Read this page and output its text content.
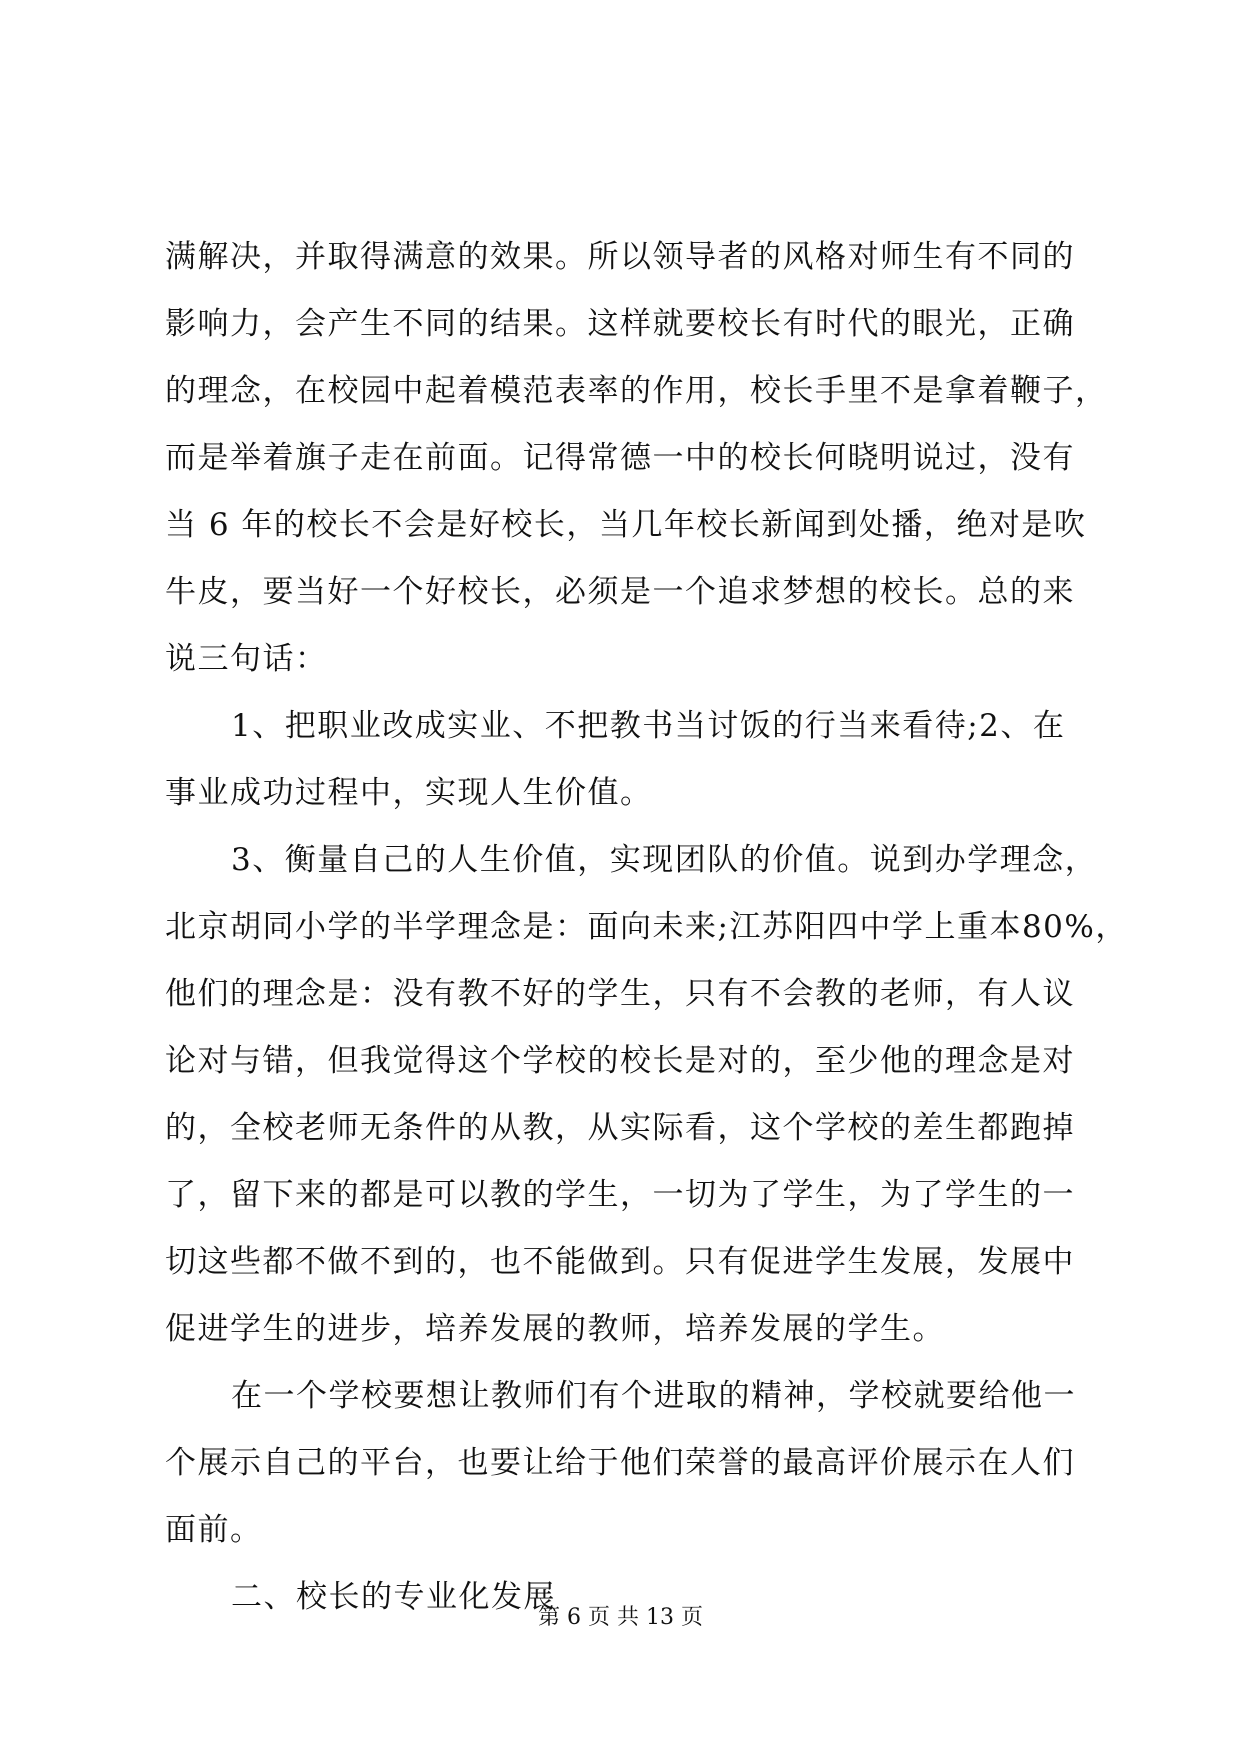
满解决，并取得满意的效果。所以领导者的风格对师生有不同的
影响力，会产生不同的结果。这样就要校长有时代的眼光，正确
的理念，在校园中起着模范表率的作用，校长手里不是拿着鞭子，
而是举着旗子走在前面。记得常德一中的校长何晓明说过，没有
当 6 年的校长不会是好校长，当几年校长新闻到处播，绝对是吹
牛皮，要当好一个好校长，必须是一个追求梦想的校长。总的来
说三句话：
1、把职业改成实业、不把教书当讨饭的行当来看待;2、在
事业成功过程中，实现人生价值。
3、衡量自己的人生价值，实现团队的价值。说到办学理念，
北京胡同小学的半学理念是：面向未来;江苏阳四中学上重本80%，
他们的理念是：没有教不好的学生，只有不会教的老师，有人议
论对与错，但我觉得这个学校的校长是对的，至少他的理念是对
的，全校老师无条件的从教，从实际看，这个学校的差生都跑掉
了，留下来的都是可以教的学生，一切为了学生，为了学生的一
切这些都不做不到的，也不能做到。只有促进学生发展，发展中
促进学生的进步，培养发展的教师，培养发展的学生。
在一个学校要想让教师们有个进取的精神，学校就要给他一
个展示自己的平台，也要让给于他们荣誉的最高评价展示在人们
面前。
二、校长的专业化发展
第 6 页 共 13 页
